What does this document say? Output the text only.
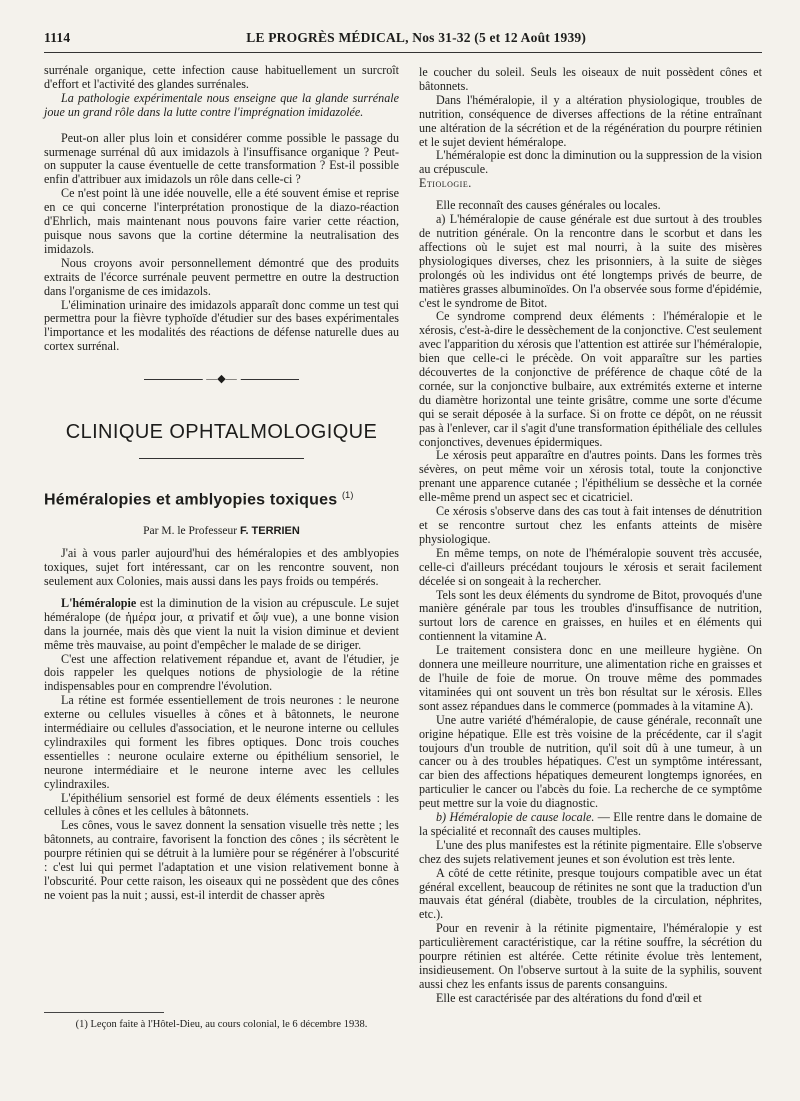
1114	LE PROGRÈS MÉDICAL, Nos 31-32 (5 et 12 Août 1939)

surrénale organique, cette infection cause habituellement un surcroît d'effort et l'activité des glandes surrénales.

La pathologie expérimentale nous enseigne que la glande surrénale joue un grand rôle dans la lutte contre l'imprégnation imidazolée.

Peut-on aller plus loin et considérer comme possible le passage du surmenage surrénal dû aux imidazols à l'insuffisance organique ? Peut-on supputer la cause éventuelle de cette transformation ? Est-il possible enfin d'attribuer aux imidazols un rôle dans celle-ci ?

Ce n'est point là une idée nouvelle, elle a été souvent émise et reprise en ce qui concerne l'interprétation pronostique de la diazo-réaction d'Ehrlich, mais maintenant nous pouvons faire varier cette réaction, puisque nous savons que la cortine détermine la neutralisation des imidazols.

Nous croyons avoir personnellement démontré que des produits extraits de l'écorce surrénale peuvent permettre en outre la destruction dans l'organisme de ces imidazols.

L'élimination urinaire des imidazols apparaît donc comme un test qui permettra pour la fièvre typhoïde d'étudier sur des bases expérimentales l'importance et les modalités des réactions de défense naturelle dues au cortex surrénal.

—◆—
CLINIQUE OPHTALMOLOGIQUE
Héméralopies et amblyopies toxiques $^{(1)}$
Par M. le Professeur F. TERRIEN

J'ai à vous parler aujourd'hui des héméralopies et des amblyopies toxiques, sujet fort intéressant, car on les rencontre souvent, non seulement aux Colonies, mais aussi dans les pays froids ou tempérés.

L'héméralopie est la diminution de la vision au crépuscule. Le sujet héméralope (de ἡμέρα jour, α privatif et ὤψ vue), a une bonne vision dans la journée, mais dès que vient la nuit la vision diminue et devient même très mauvaise, au point d'empêcher le malade de se diriger.

C'est une affection relativement répandue et, avant de l'étudier, je dois rappeler les quelques notions de physiologie de la rétine indispensables pour en comprendre l'évolution.

La rétine est formée essentiellement de trois neurones : le neurone externe ou cellules visuelles à cônes et à bâtonnets, le neurone intermédiaire ou cellules d'association, et le neurone interne ou cellules cylindraxiles qui forment les fibres optiques. Donc trois couches essentielles : neurone oculaire externe ou épithélium sensoriel, le neurone intermédiaire et le neurone interne avec les cellules cylindraxiles.

L'épithélium sensoriel est formé de deux éléments essentiels : les cellules à cônes et les cellules à bâtonnets.

Les cônes, vous le savez donnent la sensation visuelle très nette ; les bâtonnets, au contraire, favorisent la fonction des cônes ; ils sécrètent le pourpre rétinien qui se détruit à la lumière pour se régénérer à l'obscurité : c'est lui qui permet l'adaptation et une vision relativement bonne à l'obscurité. Pour cette raison, les oiseaux qui ne possèdent que des cônes ne voient pas la nuit ; aussi, est-il interdit de chasser après

(1) Leçon faite à l'Hôtel-Dieu, au cours colonial, le 6 décembre 1938.

le coucher du soleil. Seuls les oiseaux de nuit possèdent cônes et bâtonnets.

Dans l'héméralopie, il y a altération physiologique, troubles de nutrition, conséquence de diverses affections de la rétine entraînant une altération de la sécrétion et de la régénération du pourpre rétinien et le sujet devient héméralope.

L'héméralopie est donc la diminution ou la suppression de la vision au crépuscule.

Etiologie.

Elle reconnaît des causes générales ou locales.

a) L'héméralopie de cause générale est due surtout à des troubles de nutrition générale. On la rencontre dans le scorbut et dans les affections où le sujet est mal nourri, à la suite des misères physiologiques diverses, chez les prisonniers, à la suite de sièges prolongés où les individus ont été longtemps privés de beurre, de matières grasses albuminoïdes. On l'a observée sous forme d'épidémie, c'est le syndrome de Bitot.

Ce syndrome comprend deux éléments : l'héméralopie et le xérosis, c'est-à-dire le dessèchement de la conjonctive. C'est seulement avec l'apparition du xérosis que l'attention est attirée sur l'héméralopie, bien que celle-ci le précède. On voit apparaître sur les parties découvertes de la conjonctive de préférence de chaque côté de la cornée, sur la conjonctive bulbaire, aux extrémités externe et interne du diamètre horizontal une teinte grisâtre, comme une sorte d'écume qui se serait déposée à la surface. Si on frotte ce dépôt, on ne réussit pas à l'enlever, car il s'agit d'une transformation épithéliale des cellules conjonctives, devenues épidermiques.

Le xérosis peut apparaître en d'autres points. Dans les formes très sévères, on peut même voir un xérosis total, toute la conjonctive prenant une apparence cutanée ; l'épithélium se dessèche et la cornée elle-même prend un aspect sec et cicatriciel.

Ce xérosis s'observe dans des cas tout à fait intenses de dénutrition et se rencontre surtout chez les enfants atteints de misère physiologique.

En même temps, on note de l'héméralopie souvent très accusée, celle-ci d'ailleurs précédant toujours le xérosis et serait facilement décelée si on songeait à la rechercher.

Tels sont les deux éléments du syndrome de Bitot, provoqués d'une manière générale par tous les troubles d'insuffisance de nutrition, surtout lors de carence en graisses, en huiles et en éléments qui contiennent la vitamine A.

Le traitement consistera donc en une meilleure hygiène. On donnera une meilleure nourriture, une alimentation riche en graisses et de l'huile de foie de morue. On trouve même des pommades vitaminées qui ont souvent un très bon résultat sur le xérosis. Elles sont assez répandues dans le commerce (pommades à la vitamine A).

Une autre variété d'héméralopie, de cause générale, reconnaît une origine hépatique. Elle est très voisine de la précédente, car il s'agit toujours d'un trouble de nutrition, qu'il soit dû à une tumeur, à un cancer ou à des troubles hépatiques. C'est un symptôme intéressant, car bien des affections hépatiques demeurent longtemps ignorées, en particulier le cancer ou l'abcès du foie. La recherche de ce symptôme peut mettre sur la voie du diagnostic.

b) Héméralopie de cause locale. — Elle rentre dans le domaine de la spécialité et reconnaît des causes multiples.

L'une des plus manifestes est la rétinite pigmentaire. Elle s'observe chez des sujets relativement jeunes et son évolution est très lente.

A côté de cette rétinite, presque toujours compatible avec un état général excellent, beaucoup de rétinites ne sont que la traduction d'un mauvais état général (diabète, troubles de la circulation, néphrites, etc.).

Pour en revenir à la rétinite pigmentaire, l'héméralopie y est particulièrement caractéristique, car la rétine souffre, la sécrétion du pourpre rétinien est altérée. Cette rétinite évolue très lentement, insidieusement. On l'observe surtout à la suite de la syphilis, souvent aussi chez les enfants issus de parents consanguins.

Elle est caractérisée par des altérations du fond d'œil et
